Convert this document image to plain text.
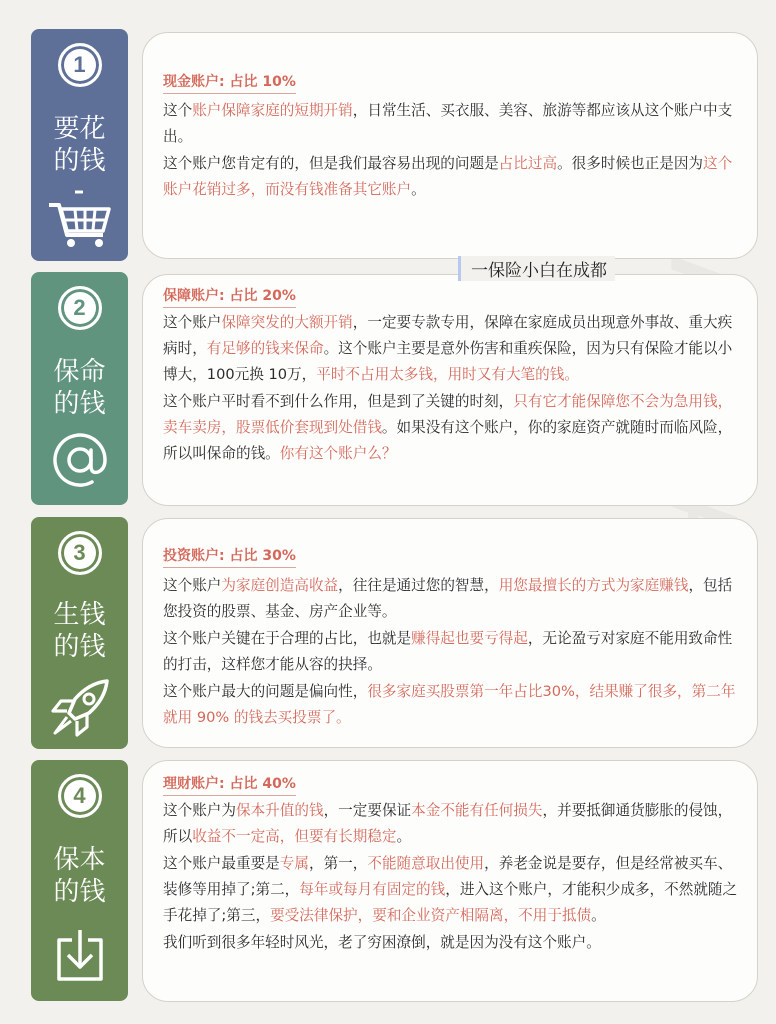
1
要花
的钱
2
保命
的钱
3
生钱
的钱
4
保本
的钱
现金账户: 占比 10%

这个账户保障家庭的短期开销，日常生活、买衣服、美容、旅游等都应该从这个账户中支出。

这个账户您肯定有的，但是我们最容易出现的问题是占比过高。很多时候也正是因为这个账户花销过多，而没有钱准备其它账户。

保障账户: 占比 20%

这个账户保障突发的大额开销，一定要专款专用，保障在家庭成员出现意外事故、重大疾病时，有足够的钱来保命。这个账户主要是意外伤害和重疾保险，因为只有保险才能以小博大，100元换 10万，平时不占用太多钱，用时又有大笔的钱。

这个账户平时看不到什么作用，但是到了关键的时刻，只有它才能保障您不会为急用钱，卖车卖房，股票低价套现到处借钱。如果没有这个账户，你的家庭资产就随时而临风险，所以叫保命的钱。你有这个账户么？

投资账户: 占比 30%

这个账户为家庭创造高收益，往往是通过您的智慧，用您最擅长的方式为家庭赚钱，包括您投资的股票、基金、房产企业等。

这个账户关键在于合理的占比，也就是赚得起也要亏得起，无论盈亏对家庭不能用致命性的打击，这样您才能从容的抉择。

这个账户最大的问题是偏向性，很多家庭买股票第一年占比30%，结果赚了很多，第二年就用 90% 的钱去买投票了。

理财账户: 占比 40%

这个账户为保本升值的钱，一定要保证本金不能有任何损失，并要抵御通货膨胀的侵蚀，所以收益不一定高，但要有长期稳定。

这个账户最重要是专属，第一，不能随意取出使用，养老金说是要存，但是经常被买车、装修等用掉了;第二，每年或每月有固定的钱，进入这个账户，才能积少成多，不然就随之手花掉了;第三，要受法律保护，要和企业资产相隔离，不用于抵债。

我们听到很多年轻时风光，老了穷困潦倒，就是因为没有这个账户。

一保险小白在成都
